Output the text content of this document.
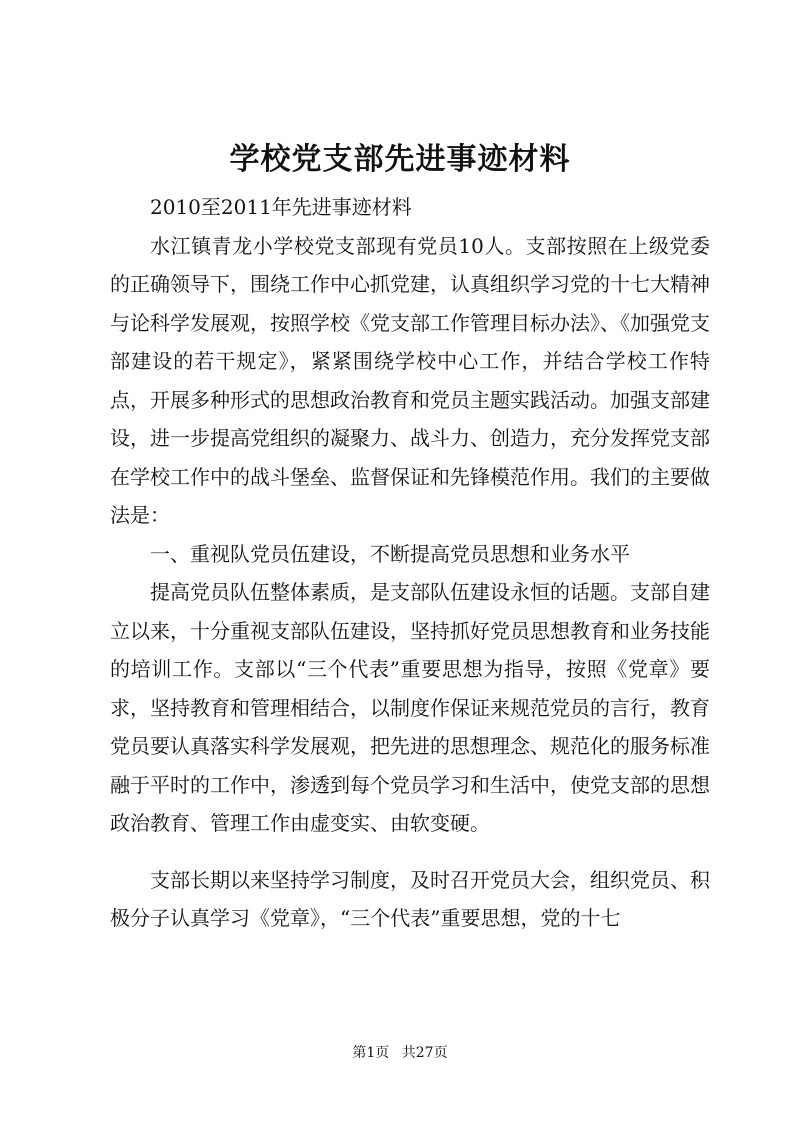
学校党支部先进事迹材料

2010至2011年先进事迹材料

水江镇青龙小学校党支部现有党员10人。支部按照在上级党委的正确领导下，围绕工作中心抓党建，认真组织学习党的十七大精神与论科学发展观，按照学校《党支部工作管理目标办法》、《加强党支部建设的若干规定》，紧紧围绕学校中心工作，并结合学校工作特点，开展多种形式的思想政治教育和党员主题实践活动。加强支部建设，进一步提高党组织的凝聚力、战斗力、创造力，充分发挥党支部在学校工作中的战斗堡垒、监督保证和先锋模范作用。我们的主要做法是：

一、重视队党员伍建设，不断提高党员思想和业务水平

提高党员队伍整体素质，是支部队伍建设永恒的话题。支部自建立以来，十分重视支部队伍建设，坚持抓好党员思想教育和业务技能的培训工作。支部以“三个代表”重要思想为指导，按照《党章》要求，坚持教育和管理相结合，以制度作保证来规范党员的言行，教育党员要认真落实科学发展观，把先进的思想理念、规范化的服务标准融于平时的工作中，渗透到每个党员学习和生活中，使党支部的思想政治教育、管理工作由虚变实、由软变硬。

支部长期以来坚持学习制度，及时召开党员大会，组织党员、积极分子认真学习《党章》，“三个代表”重要思想，党的十七

第1页 共27页
